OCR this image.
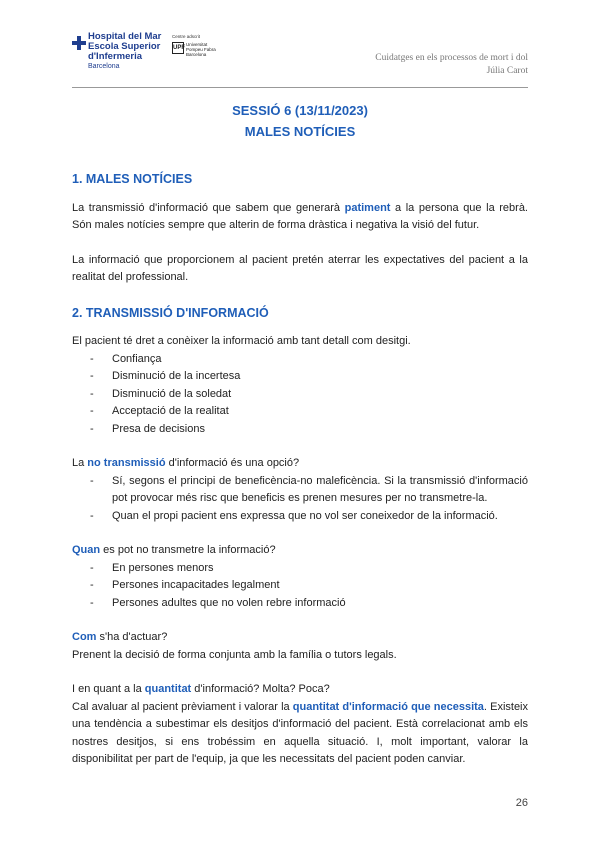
Hospital del Mar
Escola Superior
d'Infermeria
Barcelona
Centre adscrit
UPF
Universitat
Pompeu Fabra
Barcelona	Cuidatges en els processos de mort i dol
Júlia Carot
SESSIÓ 6 (13/11/2023)
MALES NOTÍCIES
1. MALES NOTÍCIES

La transmissió d'informació que sabem que generarà patiment a la persona que la rebrà. Són males notícies sempre que alterin de forma dràstica i negativa la visió del futur.

La informació que proporcionem al pacient pretén aterrar les expectatives del pacient a la realitat del professional.

2. TRANSMISSIÓ D'INFORMACIÓ

El pacient té dret a conèixer la informació amb tant detall com desitgi.

- Confiança
- Disminució de la incertesa
- Disminució de la soledat
- Acceptació de la realitat
- Presa de decisions

La no transmissió d'informació és una opció?

- Sí, segons el principi de beneficència-no maleficència. Si la transmissió d'informació pot provocar més risc que beneficis es prenen mesures per no transmetre-la.
- Quan el propi pacient ens expressa que no vol ser coneixedor de la informació.

Quan es pot no transmetre la informació?

- En persones menors
- Persones incapacitades legalment
- Persones adultes que no volen rebre informació

Com s'ha d'actuar?

Prenent la decisió de forma conjunta amb la família o tutors legals.

I en quant a la quantitat d'informació? Molta? Poca?

Cal avaluar al pacient prèviament i valorar la quantitat d'informació que necessita. Existeix una tendència a subestimar els desitjos d'informació del pacient. Està correlacionat amb els nostres desitjos, si ens trobéssim en aquella situació. I, molt important, valorar la disponibilitat per part de l'equip, ja que les necessitats del pacient poden canviar.

26
